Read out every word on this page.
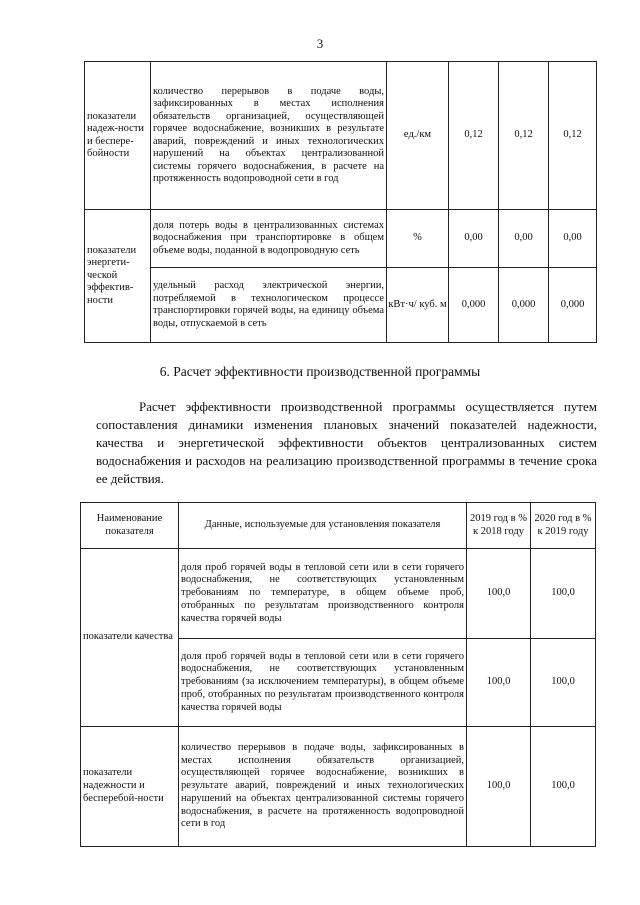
3
показатели надеж-ности и беспере-бойности	количество перерывов в подаче воды, зафиксированных в местах исполнения обязательств организацией, осуществляющей горячее водоснабжение, возникших в результате аварий, повреждений и иных технологических нарушений на объектах централизованной системы горячего водоснабжения, в расчете на протяженность водопроводной сети в год	ед./км	0,12	0,12	0,12
показатели энергети-ческой эффектив-ности	доля потерь воды в централизованных системах водоснабжения при транспортировке в общем объеме воды, поданной в водопроводную сеть	%	0,00	0,00	0,00
	удельный расход электрической энергии, потребляемой в технологическом процессе транспортировки горячей воды, на единицу объема воды, отпускаемой в сеть	кВт·ч/ куб. м	0,000	0,000	0,000
6. Расчет эффективности производственной программы

Расчет эффективности производственной программы осуществляется путем сопоставления динамики изменения плановых значений показателей надежности, качества и энергетической эффективности объектов централизованных систем водоснабжения и расходов на реализацию производственной программы в течение срока ее действия.

Наименование показателя	Данные, используемые для установления показателя	2019 год в % к 2018 году	2020 год в % к 2019 году
показатели качества	доля проб горячей воды в тепловой сети или в сети горячего водоснабжения, не соответствующих установленным требованиям по температуре, в общем объеме проб, отобранных по результатам производственного контроля качества горячей воды	100,0	100,0
	доля проб горячей воды в тепловой сети или в сети горячего водоснабжения, не соответствующих установленным требованиям (за исключением температуры), в общем объеме проб, отобранных по результатам производственного контроля качества горячей воды	100,0	100,0
показатели надежности и бесперебой-ности	количество перерывов в подаче воды, зафиксированных в местах исполнения обязательств организацией, осуществляющей горячее водоснабжение, возникших в результате аварий, повреждений и иных технологических нарушений на объектах централизованной системы горячего водоснабжения, в расчете на протяженность водопроводной сети в год	100,0	100,0
